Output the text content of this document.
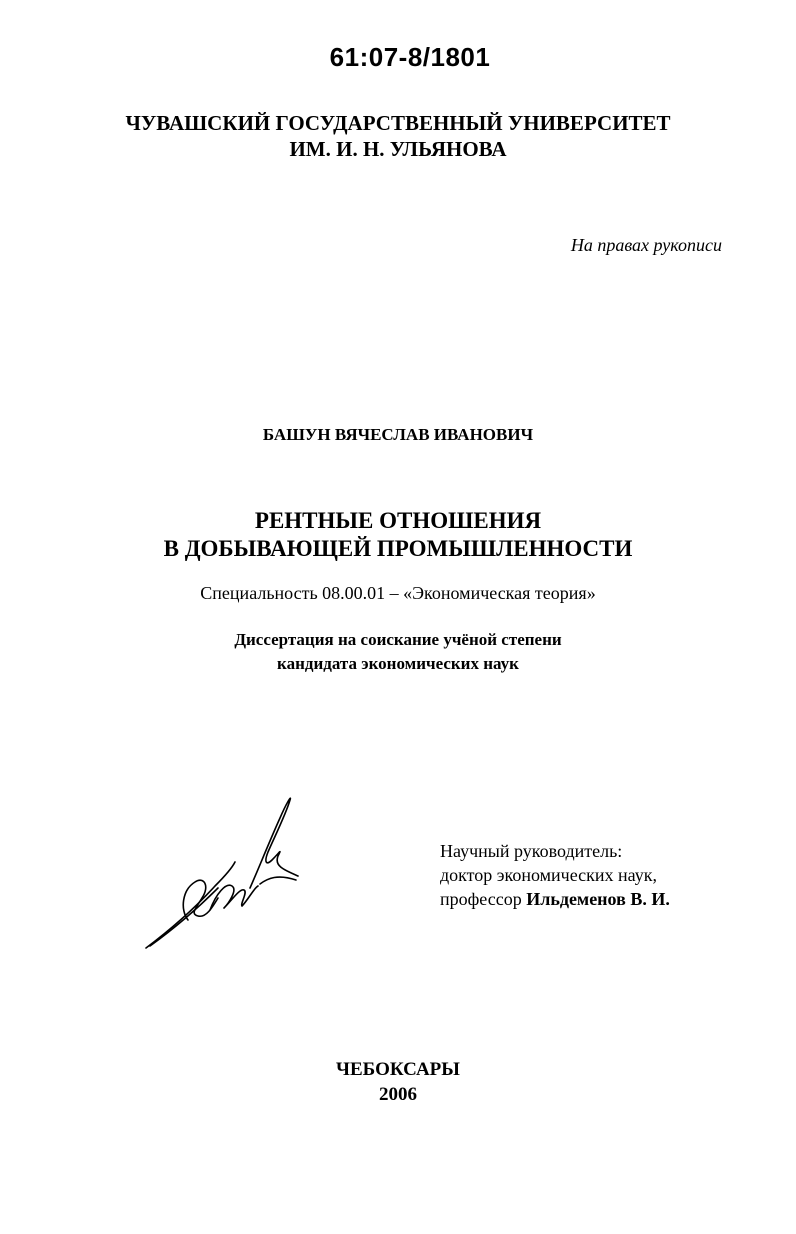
61:07-8/1801
ЧУВАШСКИЙ ГОСУДАРСТВЕННЫЙ УНИВЕРСИТЕТ
ИМ. И. Н. УЛЬЯНОВА
На правах рукописи
БАШУН ВЯЧЕСЛАВ ИВАНОВИЧ
РЕНТНЫЕ ОТНОШЕНИЯ
В ДОБЫВАЮЩЕЙ ПРОМЫШЛЕННОСТИ
Специальность 08.00.01 – «Экономическая теория»
Диссертация на соискание учёной степени
кандидата экономических наук
Научный руководитель:
доктор экономических наук,
профессор Ильдеменов В. И.
ЧЕБОКСАРЫ
2006
